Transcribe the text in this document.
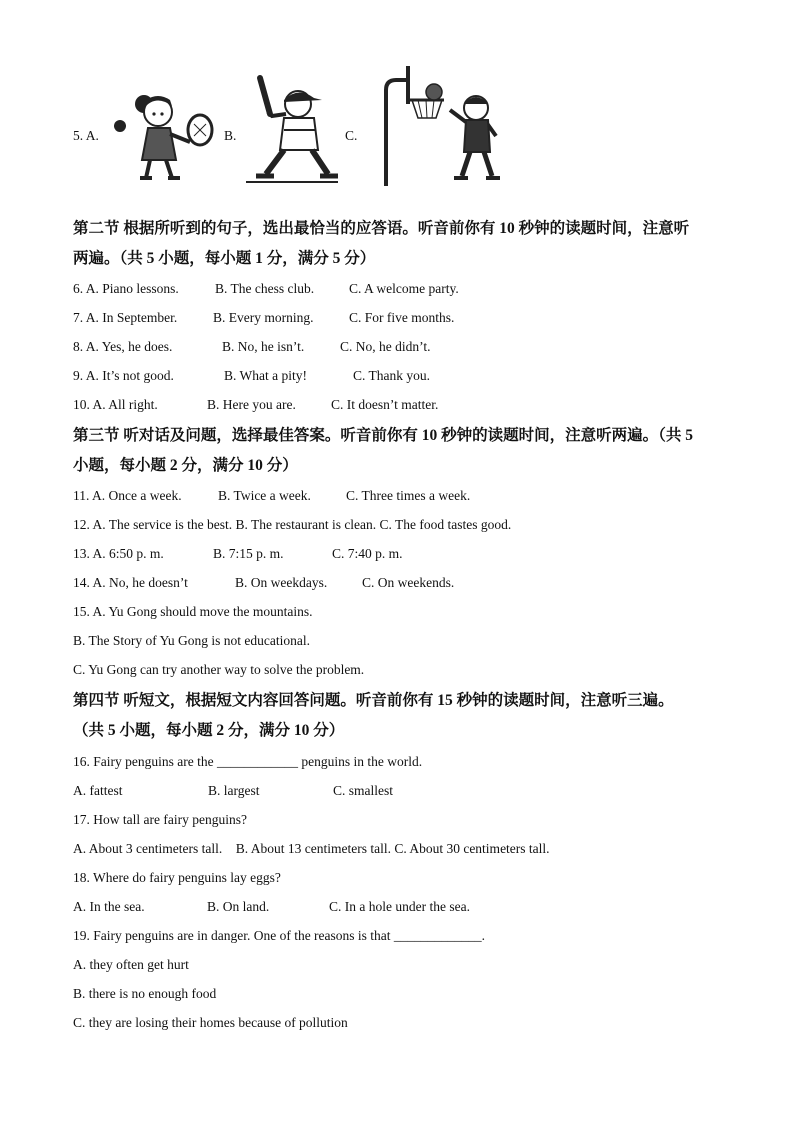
5. A.	B.	C.
第二节 根据所听到的句子，选出最恰当的应答语。听音前你有 10 秒钟的读题时间，注意听
两遍。（共 5 小题，每小题 1 分，满分 5 分）
6. A. Piano lessons.	B. The chess club.	C. A welcome party.
7. A. In September.	B. Every morning.	C. For five months.
8. A. Yes, he does.	B. No, he isn’t.	C. No, he didn’t.
9. A. It’s not good.	B. What a pity!	C. Thank you.
10. A. All right.	B. Here you are.	C. It doesn’t matter.
第三节 听对话及问题，选择最佳答案。听音前你有 10 秒钟的读题时间，注意听两遍。（共 5
小题，每小题 2 分，满分 10 分）
11. A. Once a week.	B. Twice a week.	C. Three times a week.
12. A. The service is the best. B. The restaurant is clean. C. The food tastes good.
13. A. 6:50 p. m.	B. 7:15 p. m.	C. 7:40 p. m.
14. A. No, he doesn’t	B. On weekdays.	C. On weekends.
15. A. Yu Gong should move the mountains.
B. The Story of Yu Gong is not educational.
C. Yu Gong can try another way to solve the problem.
第四节 听短文，根据短文内容回答问题。听音前你有 15 秒钟的读题时间，注意听三遍。
（共 5 小题，每小题 2 分，满分 10 分）
16. Fairy penguins are the ____________ penguins in the world.
A. fattest	B. largest	C. smallest
17. How tall are fairy penguins?
A. About 3 centimeters tall.    B. About 13 centimeters tall. C. About 30 centimeters tall.
18. Where do fairy penguins lay eggs?
A. In the sea.	B. On land.	C. In a hole under the sea.
19. Fairy penguins are in danger. One of the reasons is that _____________.
A. they often get hurt
B. there is no enough food
C. they are losing their homes because of pollution
